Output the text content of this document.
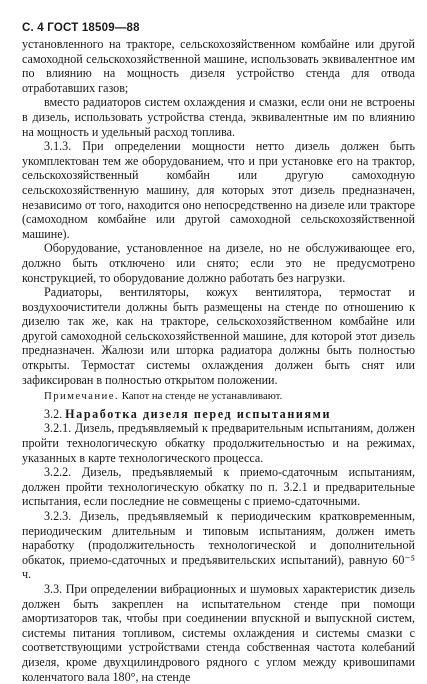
С. 4 ГОСТ 18509—88

установленного на тракторе, сельскохозяйственном комбайне или другой самоходной сельскохозяйственной машине, использовать эквивалентное им по влиянию на мощность дизеля устройство стенда для отвода отработавших газов;

вместо радиаторов систем охлаждения и смазки, если они не встроены в дизель, использовать устройства стенда, эквивалентные им по влиянию на мощность и удельный расход топлива.

3.1.3. При определении мощности нетто дизель должен быть укомплектован тем же оборудованием, что и при установке его на трактор, сельскохозяйственный комбайн или другую самоходную сельскохозяйственную машину, для которых этот дизель предназначен, независимо от того, находится оно непосредственно на дизеле или тракторе (самоходном комбайне или другой самоходной сельскохозяйственной машине).

Оборудование, установленное на дизеле, но не обслуживающее его, должно быть отключено или снято; если это не предусмотрено конструкцией, то оборудование должно работать без нагрузки.

Радиаторы, вентиляторы, кожух вентилятора, термостат и воздухоочистители должны быть размещены на стенде по отношению к дизелю так же, как на тракторе, сельскохозяйственном комбайне или другой самоходной сельскохозяйственной машине, для которой этот дизель предназначен. Жалюзи или шторка радиатора должны быть полностью открыты. Термостат системы охлаждения должен быть снят или зафиксирован в полностью открытом положении.

Примечание. Капот на стенде не устанавливают.

3.2. Наработка дизеля перед испытаниями

3.2.1. Дизель, предъявляемый к предварительным испытаниям, должен пройти технологическую обкатку продолжительностью и на режимах, указанных в карте технологического процесса.

3.2.2. Дизель, предъявляемый к приемо-сдаточным испытаниям, должен пройти технологическую обкатку по п. 3.2.1 и предварительные испытания, если последние не совмещены с приемо-сдаточными.

3.2.3. Дизель, предъявляемый к периодическим кратковременным, периодическим длительным и типовым испытаниям, должен иметь наработку (продолжительность технологической и дополнительной обкаток, приемо-сдаточных и предъявительских испытаний), равную 60⁻⁵ ч.

3.3. При определении вибрационных и шумовых характеристик дизель должен быть закреплен на испытательном стенде при помощи амортизаторов так, чтобы при соединении впускной и выпускной систем, системы питания топливом, системы охлаждения и системы смазки с соответствующими устройствами стенда собственная частота колебаний дизеля, кроме двухцилиндрового рядного с углом между кривошипами коленчатого вала 180°, на стенде
